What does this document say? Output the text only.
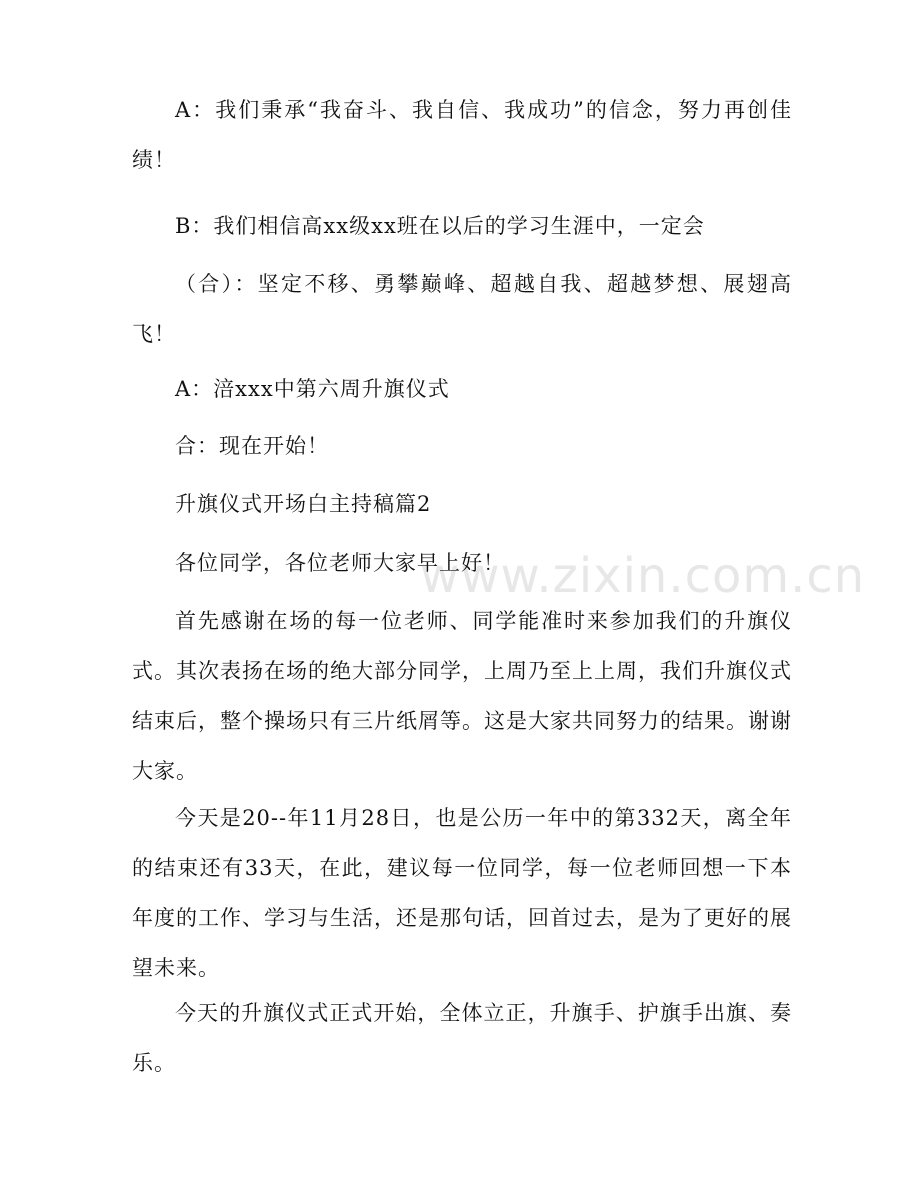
www.zixin.com.cn

A：我们秉承“我奋斗、我自信、我成功”的信念，努力再创佳绩！

B：我们相信高xx级xx班在以后的学习生涯中，一定会

（合）：坚定不移、勇攀巅峰、超越自我、超越梦想、展翅高飞！

A：涪xxx中第六周升旗仪式

合：现在开始！

升旗仪式开场白主持稿篇2

各位同学，各位老师大家早上好！

首先感谢在场的每一位老师、同学能准时来参加我们的升旗仪式。其次表扬在场的绝大部分同学，上周乃至上上周，我们升旗仪式结束后，整个操场只有三片纸屑等。这是大家共同努力的结果。谢谢大家。

今天是20--年11月28日，也是公历一年中的第332天，离全年的结束还有33天，在此，建议每一位同学，每一位老师回想一下本年度的工作、学习与生活，还是那句话，回首过去，是为了更好的展望未来。

今天的升旗仪式正式开始，全体立正，升旗手、护旗手出旗、奏乐。
